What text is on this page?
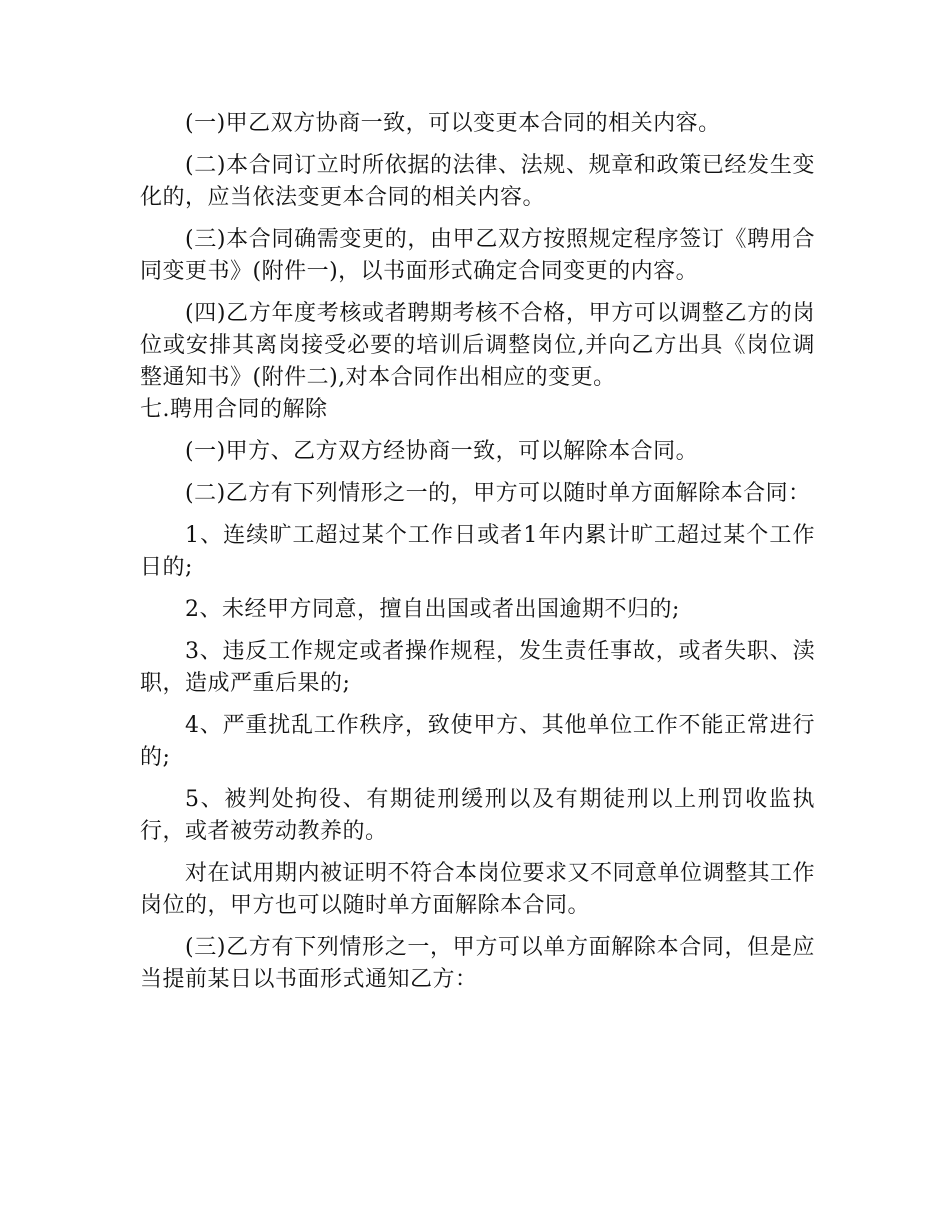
(一)甲乙双方协商一致，可以变更本合同的相关内容。

(二)本合同订立时所依据的法律、法规、规章和政策已经发生变化的，应当依法变更本合同的相关内容。

(三)本合同确需变更的，由甲乙双方按照规定程序签订《聘用合同变更书》(附件一)，以书面形式确定合同变更的内容。

(四)乙方年度考核或者聘期考核不合格，甲方可以调整乙方的岗位或安排其离岗接受必要的培训后调整岗位,并向乙方出具《岗位调整通知书》(附件二),对本合同作出相应的变更。

七.聘用合同的解除

(一)甲方、乙方双方经协商一致，可以解除本合同。

(二)乙方有下列情形之一的，甲方可以随时单方面解除本合同：

1、连续旷工超过某个工作日或者1年内累计旷工超过某个工作日的;

2、未经甲方同意，擅自出国或者出国逾期不归的;

3、违反工作规定或者操作规程，发生责任事故，或者失职、渎职，造成严重后果的;

4、严重扰乱工作秩序，致使甲方、其他单位工作不能正常进行的;

5、被判处拘役、有期徒刑缓刑以及有期徒刑以上刑罚收监执行，或者被劳动教养的。

对在试用期内被证明不符合本岗位要求又不同意单位调整其工作岗位的，甲方也可以随时单方面解除本合同。

(三)乙方有下列情形之一，甲方可以单方面解除本合同，但是应当提前某日以书面形式通知乙方：
